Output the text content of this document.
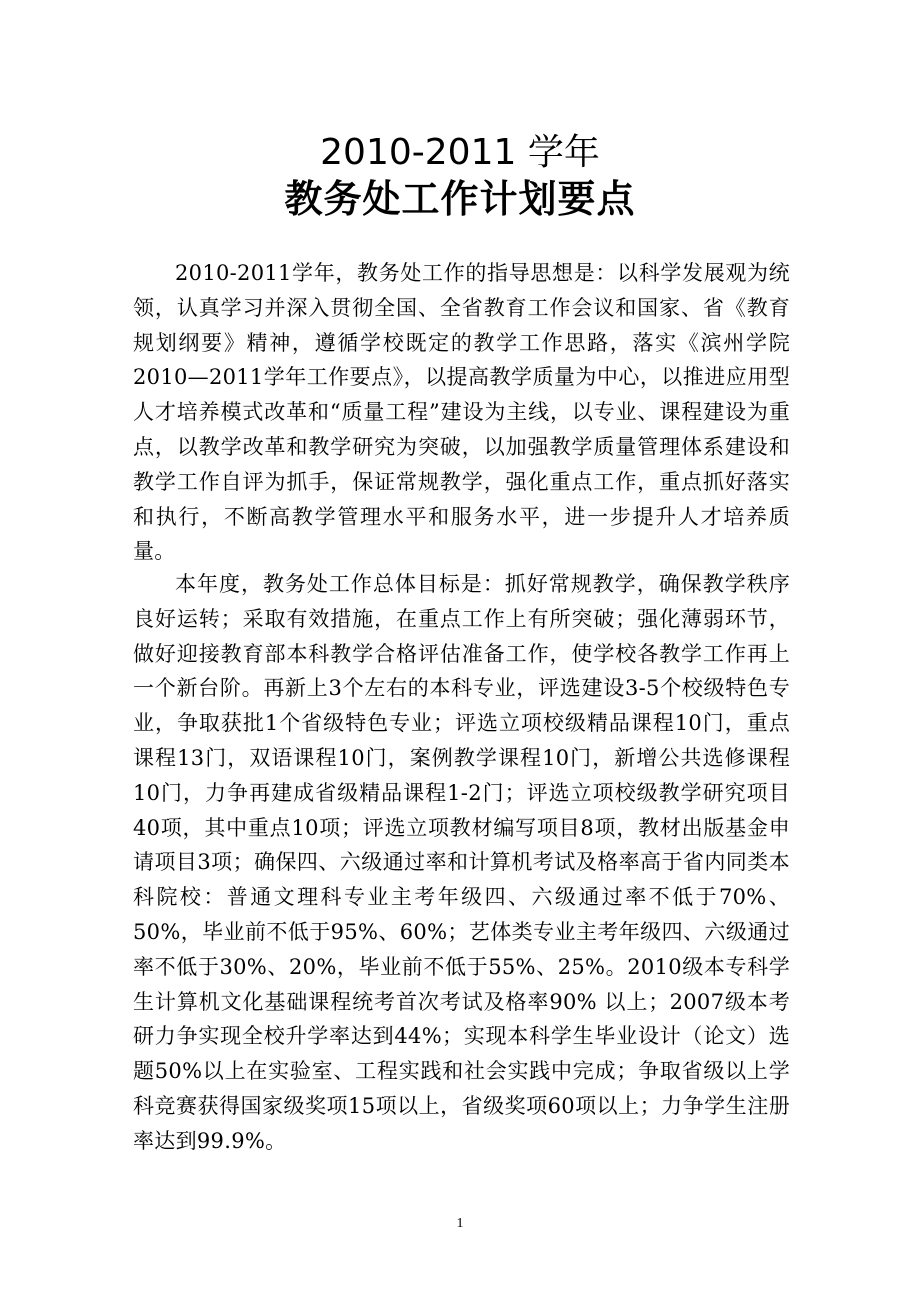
2010-2011 学年
教务处工作计划要点

2010-2011学年，教务处工作的指导思想是：以科学发展观为统领，认真学习并深入贯彻全国、全省教育工作会议和国家、省《教育规划纲要》精神，遵循学校既定的教学工作思路，落实《滨州学院2010—2011学年工作要点》，以提高教学质量为中心，以推进应用型人才培养模式改革和“质量工程”建设为主线，以专业、课程建设为重点，以教学改革和教学研究为突破，以加强教学质量管理体系建设和教学工作自评为抓手，保证常规教学，强化重点工作，重点抓好落实和执行，不断高教学管理水平和服务水平，进一步提升人才培养质量。

本年度，教务处工作总体目标是：抓好常规教学，确保教学秩序良好运转；采取有效措施，在重点工作上有所突破；强化薄弱环节，做好迎接教育部本科教学合格评估准备工作，使学校各教学工作再上一个新台阶。再新上3个左右的本科专业，评选建设3-5个校级特色专业，争取获批1个省级特色专业；评选立项校级精品课程10门，重点课程13门，双语课程10门，案例教学课程10门，新增公共选修课程10门，力争再建成省级精品课程1-2门；评选立项校级教学研究项目40项，其中重点10项；评选立项教材编写项目8项，教材出版基金申请项目3项；确保四、六级通过率和计算机考试及格率高于省内同类本科院校：普通文理科专业主考年级四、六级通过率不低于70%、50%，毕业前不低于95%、60%；艺体类专业主考年级四、六级通过率不低于30%、20%，毕业前不低于55%、25%。2010级本专科学生计算机文化基础课程统考首次考试及格率90% 以上；2007级本考研力争实现全校升学率达到44%；实现本科学生毕业设计（论文）选题50%以上在实验室、工程实践和社会实践中完成；争取省级以上学科竞赛获得国家级奖项15项以上，省级奖项60项以上；力争学生注册率达到99.9%。

1
